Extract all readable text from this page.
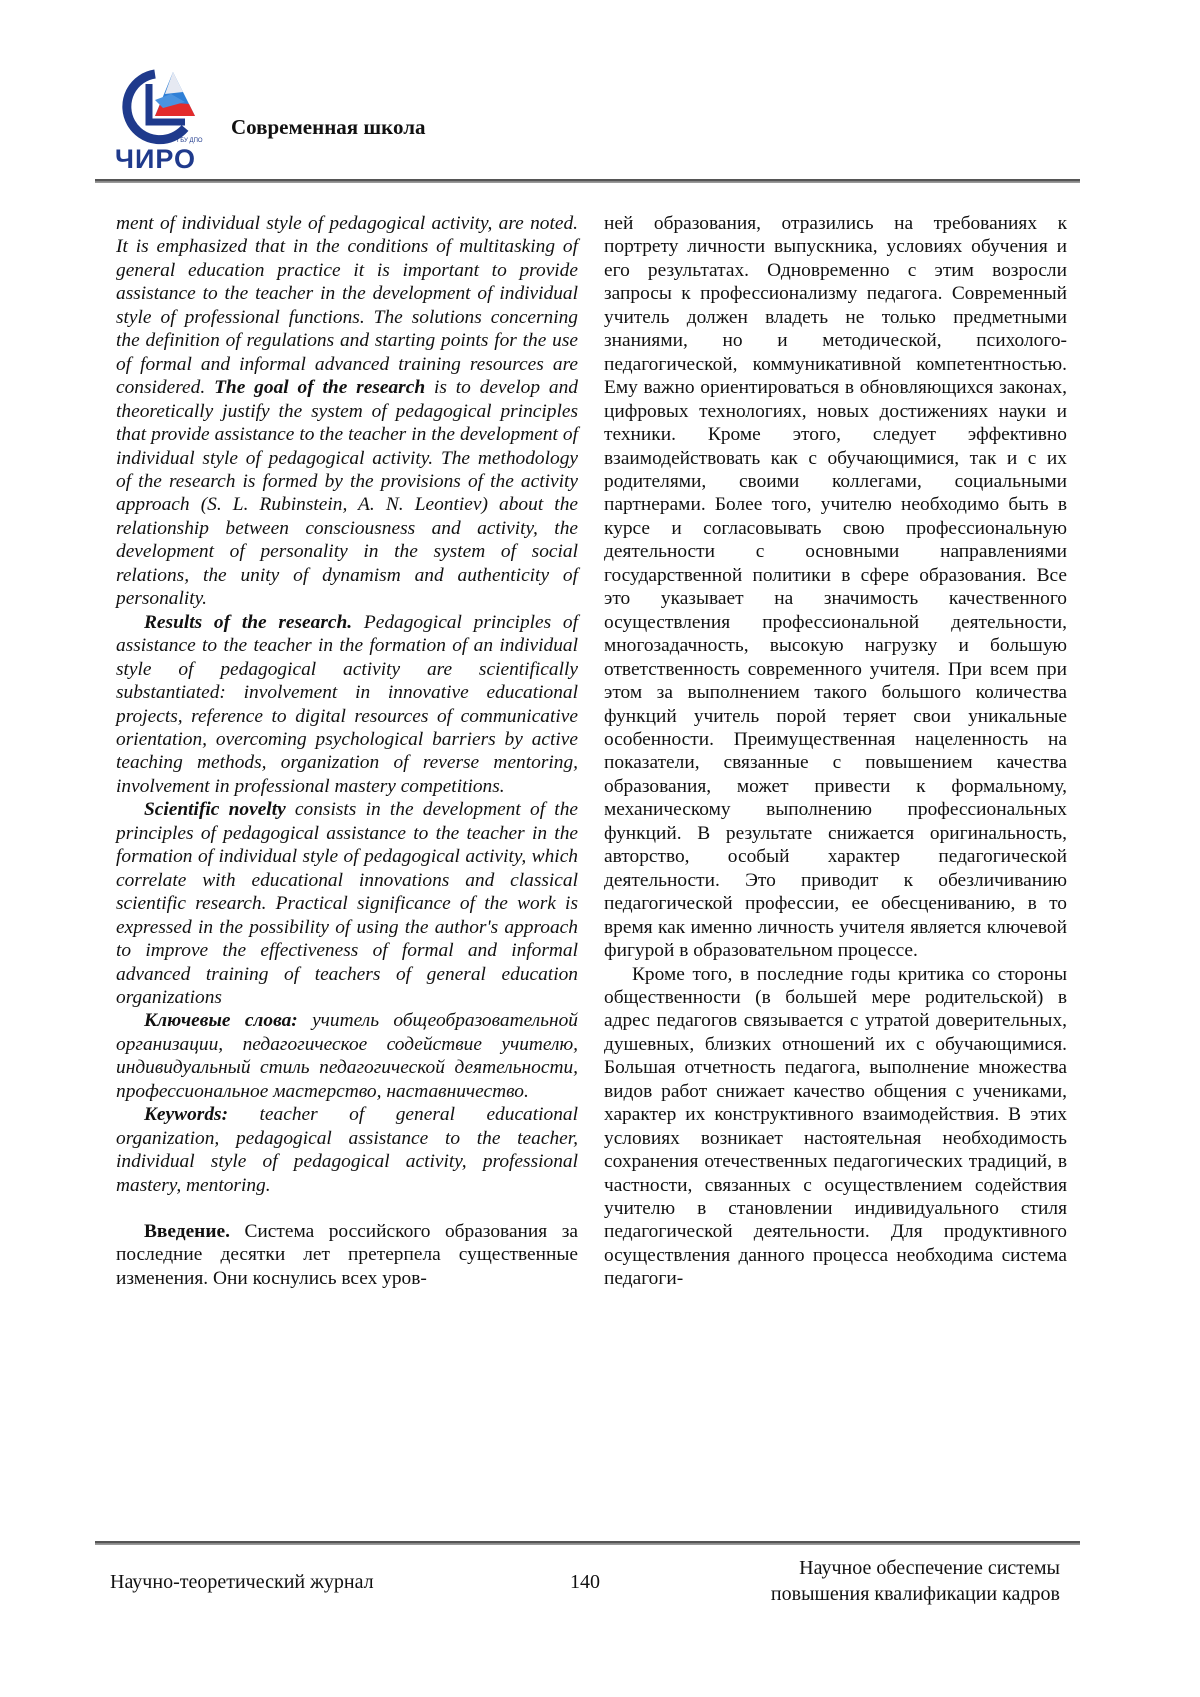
ГБУ ДПО
ЧИРО
Современная школа

ment of individual style of pedagogical activity, are noted. It is emphasized that in the conditions of multitasking of general education practice it is important to provide assistance to the teacher in the development of individual style of professional functions. The solutions concerning the definition of regulations and starting points for the use of formal and informal advanced training resources are considered. The goal of the research is to develop and theoretically justify the system of pedagogical principles that provide assistance to the teacher in the development of individual style of pedagogical activity. The methodology of the research is formed by the provisions of the activity approach (S. L. Rubinstein, A. N. Leontiev) about the relationship between consciousness and activity, the development of personality in the system of social relations, the unity of dynamism and authenticity of personality.

Results of the research. Pedagogical principles of assistance to the teacher in the formation of an individual style of pedagogical activity are scientifically substantiated: involvement in innovative educational projects, reference to digital resources of communicative orientation, overcoming psychological barriers by active teaching methods, organization of reverse mentoring, involvement in professional mastery competitions.

Scientific novelty consists in the development of the principles of pedagogical assistance to the teacher in the formation of individual style of pedagogical activity, which correlate with educational innovations and classical scientific research. Practical significance of the work is expressed in the possibility of using the author's approach to improve the effectiveness of formal and informal advanced training of teachers of general education organizations

Ключевые слова: учитель общеобразовательной организации, педагогическое содействие учителю, индивидуальный стиль педагогической деятельности, профессиональное мастерство, наставничество.

Keywords: teacher of general educational organization, pedagogical assistance to the teacher, individual style of pedagogical activity, professional mastery, mentoring.

Введение. Система российского образования за последние десятки лет претерпела существенные изменения. Они коснулись всех уров-

ней образования, отразились на требованиях к портрету личности выпускника, условиях обучения и его результатах. Одновременно с этим возросли запросы к профессионализму педагога. Современный учитель должен владеть не только предметными знаниями, но и методической, психолого-педагогической, коммуникативной компетентностью. Ему важно ориентироваться в обновляющихся законах, цифровых технологиях, новых достижениях науки и техники. Кроме этого, следует эффективно взаимодействовать как с обучающимися, так и с их родителями, своими коллегами, социальными партнерами. Более того, учителю необходимо быть в курсе и согласовывать свою профессиональную деятельности с основными направлениями государственной политики в сфере образования. Все это указывает на значимость качественного осуществления профессиональной деятельности, многозадачность, высокую нагрузку и большую ответственность современного учителя. При всем при этом за выполнением такого большого количества функций учитель порой теряет свои уникальные особенности. Преимущественная нацеленность на показатели, связанные с повышением качества образования, может привести к формальному, механическому выполнению профессиональных функций. В результате снижается оригинальность, авторство, особый характер педагогической деятельности. Это приводит к обезличиванию педагогической профессии, ее обесцениванию, в то время как именно личность учителя является ключевой фигурой в образовательном процессе.

Кроме того, в последние годы критика со стороны общественности (в большей мере родительской) в адрес педагогов связывается с утратой доверительных, душевных, близких отношений их с обучающимися. Большая отчетность педагога, выполнение множества видов работ снижает качество общения с учениками, характер их конструктивного взаимодействия. В этих условиях возникает настоятельная необходимость сохранения отечественных педагогических традиций, в частности, связанных с осуществлением содействия учителю в становлении индивидуального стиля педагогической деятельности. Для продуктивного осуществления данного процесса необходима система педагоги-

Научно-теоретический журнал	140
Научное обеспечение системы
повышения квалификации кадров
